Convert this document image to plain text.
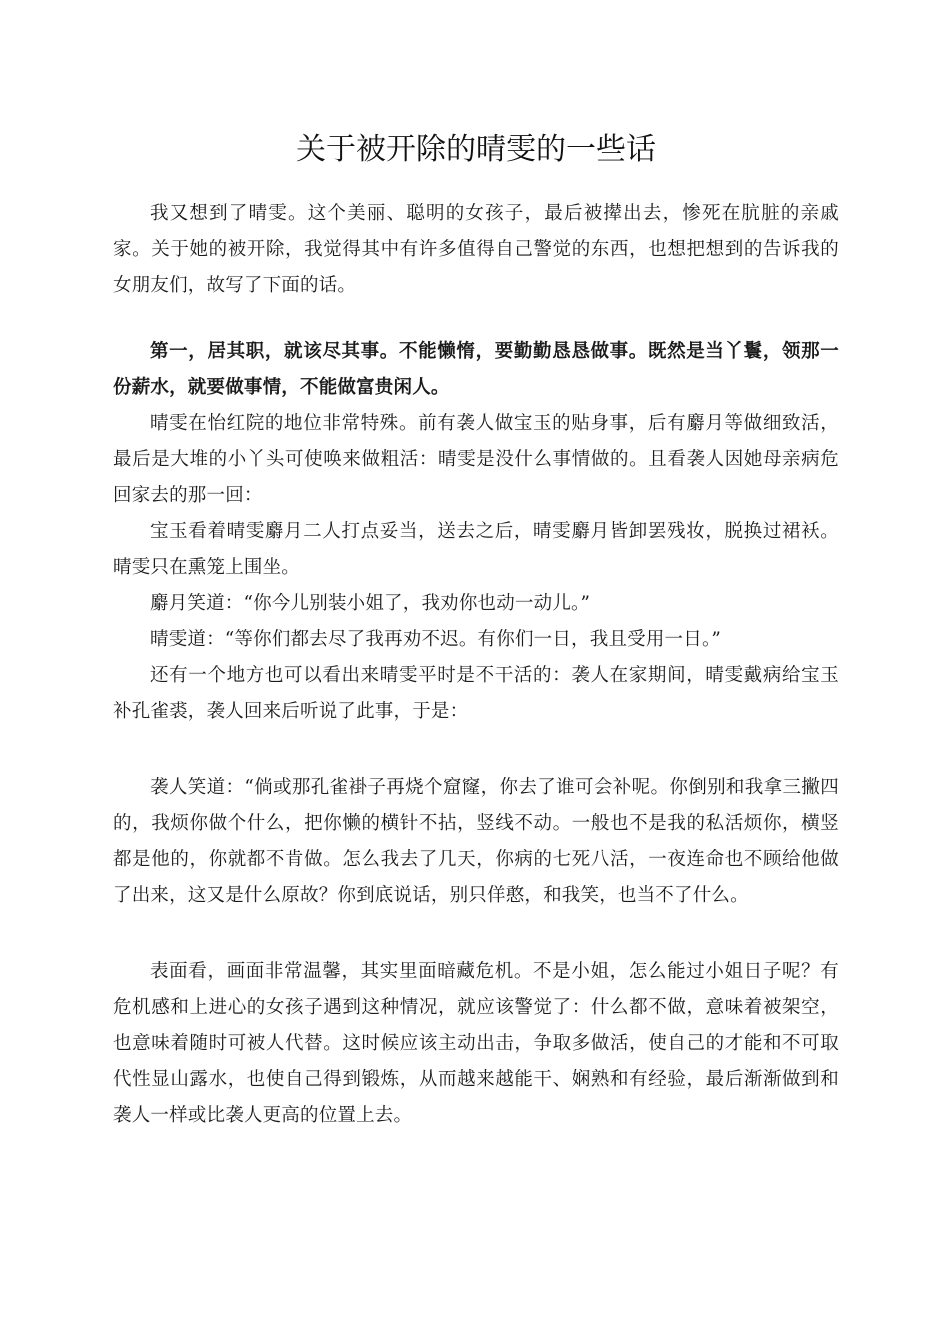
关于被开除的晴雯的一些话

我又想到了晴雯。这个美丽、聪明的女孩子，最后被撵出去，惨死在肮脏的亲戚家。关于她的被开除，我觉得其中有许多值得自己警觉的东西，也想把想到的告诉我的女朋友们，故写了下面的话。

第一，居其职，就该尽其事。不能懒惰，要勤勤恳恳做事。既然是当丫鬟，领那一份薪水，就要做事情，不能做富贵闲人。

晴雯在怡红院的地位非常特殊。前有袭人做宝玉的贴身事，后有麝月等做细致活，最后是大堆的小丫头可使唤来做粗活：晴雯是没什么事情做的。且看袭人因她母亲病危回家去的那一回：

宝玉看着晴雯麝月二人打点妥当，送去之后，晴雯麝月皆卸罢残妆，脱换过裙袄。晴雯只在熏笼上围坐。

麝月笑道：“你今儿别装小姐了，我劝你也动一动儿。”

晴雯道：“等你们都去尽了我再劝不迟。有你们一日，我且受用一日。”

还有一个地方也可以看出来晴雯平时是不干活的：袭人在家期间，晴雯戴病给宝玉补孔雀裘，袭人回来后听说了此事，于是：

袭人笑道：“倘或那孔雀褂子再烧个窟窿，你去了谁可会补呢。你倒别和我拿三撇四的，我烦你做个什么，把你懒的横针不拈，竖线不动。一般也不是我的私活烦你，横竖都是他的，你就都不肯做。怎么我去了几天，你病的七死八活，一夜连命也不顾给他做了出来，这又是什么原故？你到底说话，别只佯憨，和我笑，也当不了什么。

表面看，画面非常温馨，其实里面暗藏危机。不是小姐，怎么能过小姐日子呢？有危机感和上进心的女孩子遇到这种情况，就应该警觉了：什么都不做，意味着被架空，也意味着随时可被人代替。这时候应该主动出击，争取多做活，使自己的才能和不可取代性显山露水，也使自己得到锻炼，从而越来越能干、娴熟和有经验，最后渐渐做到和袭人一样或比袭人更高的位置上去。
